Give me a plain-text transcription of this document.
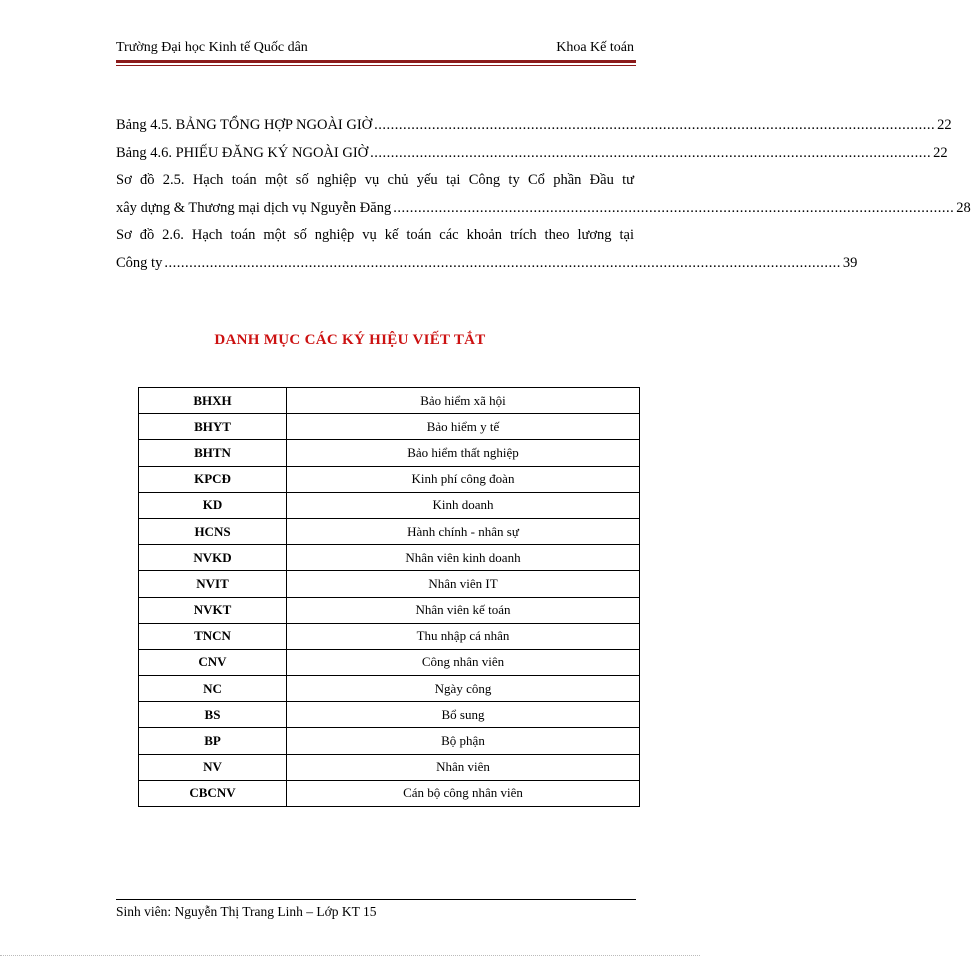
Trường Đại học Kinh tế Quốc dân	Khoa Kế toán
Bảng 4.5. BẢNG TỔNG HỢP NGOÀI GIỜ ........................................................................................................................................ 22
Bảng 4.6. PHIẾU ĐĂNG KÝ NGOÀI GIỜ ........................................................................................................................................ 22
Sơ đồ 2.5. Hạch toán một số nghiệp vụ chủ yếu tại Công ty Cổ phần Đầu tư
xây dựng & Thương mại dịch vụ Nguyễn Đăng ........................................................................................................................................ 28
Sơ đồ 2.6. Hạch toán một số nghiệp vụ kế toán các khoản trích theo lương tại
Công ty .................................................................................................................................................................... 39
DANH MỤC CÁC KÝ HIỆU VIẾT TẮT
BHXH	Bảo hiểm xã hội
BHYT	Bảo hiểm y tế
BHTN	Bảo hiểm thất nghiệp
KPCĐ	Kinh phí công đoàn
KD	Kinh doanh
HCNS	Hành chính - nhân sự
NVKD	Nhân viên kinh doanh
NVIT	Nhân viên IT
NVKT	Nhân viên kế toán
TNCN	Thu nhập cá nhân
CNV	Công nhân viên
NC	Ngày công
BS	Bổ sung
BP	Bộ phận
NV	Nhân viên
CBCNV	Cán bộ công nhân viên
Sinh viên: Nguyễn Thị Trang Linh – Lớp KT 15
